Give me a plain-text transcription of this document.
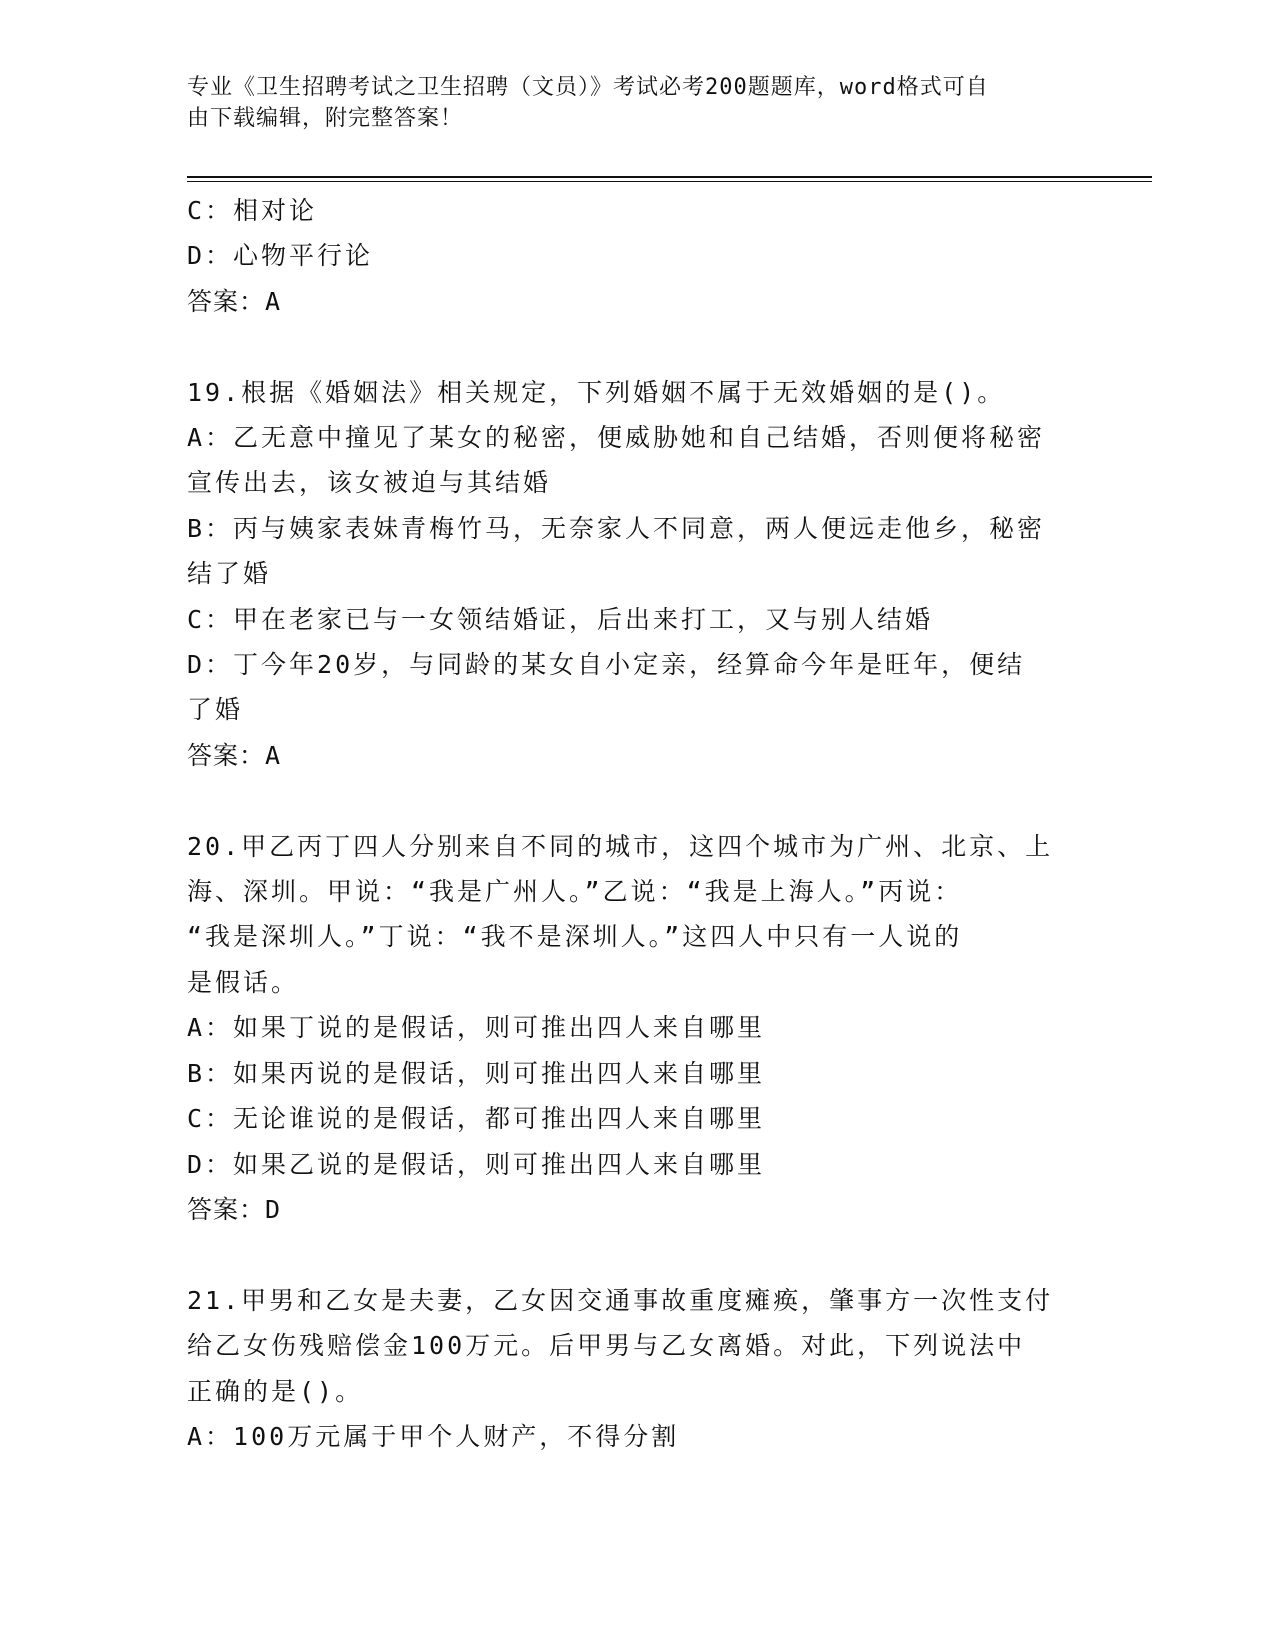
专业《卫生招聘考试之卫生招聘（文员）》考试必考200题题库，word格式可自
由下载编辑，附完整答案！
C：相对论
D：心物平行论
答案：A
19.根据《婚姻法》相关规定，下列婚姻不属于无效婚姻的是()。
A：乙无意中撞见了某女的秘密，便威胁她和自己结婚，否则便将秘密
宣传出去，该女被迫与其结婚
B：丙与姨家表妹青梅竹马，无奈家人不同意，两人便远走他乡，秘密
结了婚
C：甲在老家已与一女领结婚证，后出来打工，又与别人结婚
D：丁今年20岁，与同龄的某女自小定亲，经算命今年是旺年，便结
了婚
答案：A
20.甲乙丙丁四人分别来自不同的城市，这四个城市为广州、北京、上
海、深圳。甲说：“我是广州人。”乙说：“我是上海人。”丙说：
“我是深圳人。”丁说：“我不是深圳人。”这四人中只有一人说的
是假话。
A：如果丁说的是假话，则可推出四人来自哪里
B：如果丙说的是假话，则可推出四人来自哪里
C：无论谁说的是假话，都可推出四人来自哪里
D：如果乙说的是假话，则可推出四人来自哪里
答案：D
21.甲男和乙女是夫妻，乙女因交通事故重度瘫痪，肇事方一次性支付
给乙女伤残赔偿金100万元。后甲男与乙女离婚。对此，下列说法中
正确的是()。
A：100万元属于甲个人财产，不得分割
